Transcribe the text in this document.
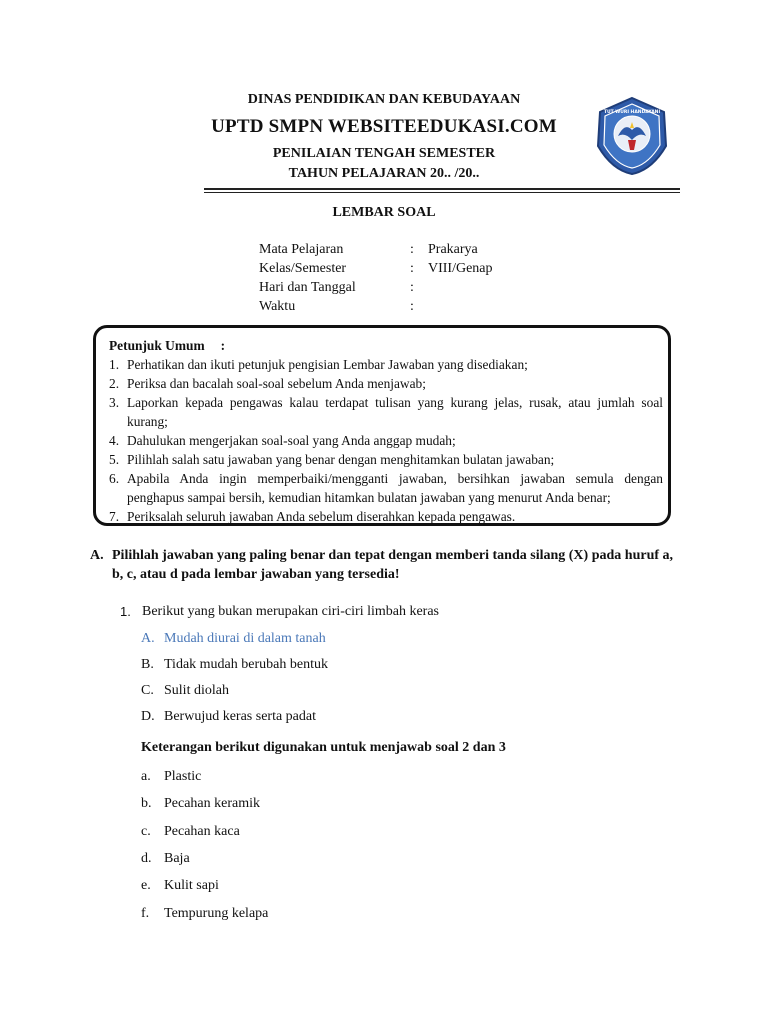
DINAS PENDIDIKAN DAN KEBUDAYAAN
UPTD SMPN WEBSITEEDUKASI.COM
PENILAIAN TENGAH SEMESTER
TAHUN PELAJARAN 20.. /20..
TUT WURI HANDAYANI
LEMBAR SOAL
Mata Pelajaran	:	Prakarya
Kelas/Semester	:	VIII/Genap
Hari dan Tanggal	:
Waktu	:
Petunjuk Umum :
1. Perhatikan dan ikuti petunjuk pengisian Lembar Jawaban yang disediakan;
2. Periksa dan bacalah soal-soal sebelum Anda menjawab;
3. Laporkan kepada pengawas kalau terdapat tulisan yang kurang jelas, rusak, atau jumlah soal kurang;
4. Dahulukan mengerjakan soal-soal yang Anda anggap mudah;
5. Pilihlah salah satu jawaban yang benar dengan menghitamkan bulatan jawaban;
6. Apabila Anda ingin memperbaiki/mengganti jawaban, bersihkan jawaban semula dengan penghapus sampai bersih, kemudian hitamkan bulatan jawaban yang menurut Anda benar;
7. Periksalah seluruh jawaban Anda sebelum diserahkan kepada pengawas.
A. Pilihlah jawaban yang paling benar dan tepat dengan memberi tanda silang (X) pada huruf a, b, c, atau d pada lembar jawaban yang tersedia!
1. Berikut yang bukan merupakan ciri-ciri limbah keras
A. Mudah diurai di dalam tanah
B. Tidak mudah berubah bentuk
C. Sulit diolah
D. Berwujud keras serta padat
Keterangan berikut digunakan untuk menjawab soal 2 dan 3
a. Plastic
b. Pecahan keramik
c. Pecahan kaca
d. Baja
e. Kulit sapi
f.	Tempurung kelapa
